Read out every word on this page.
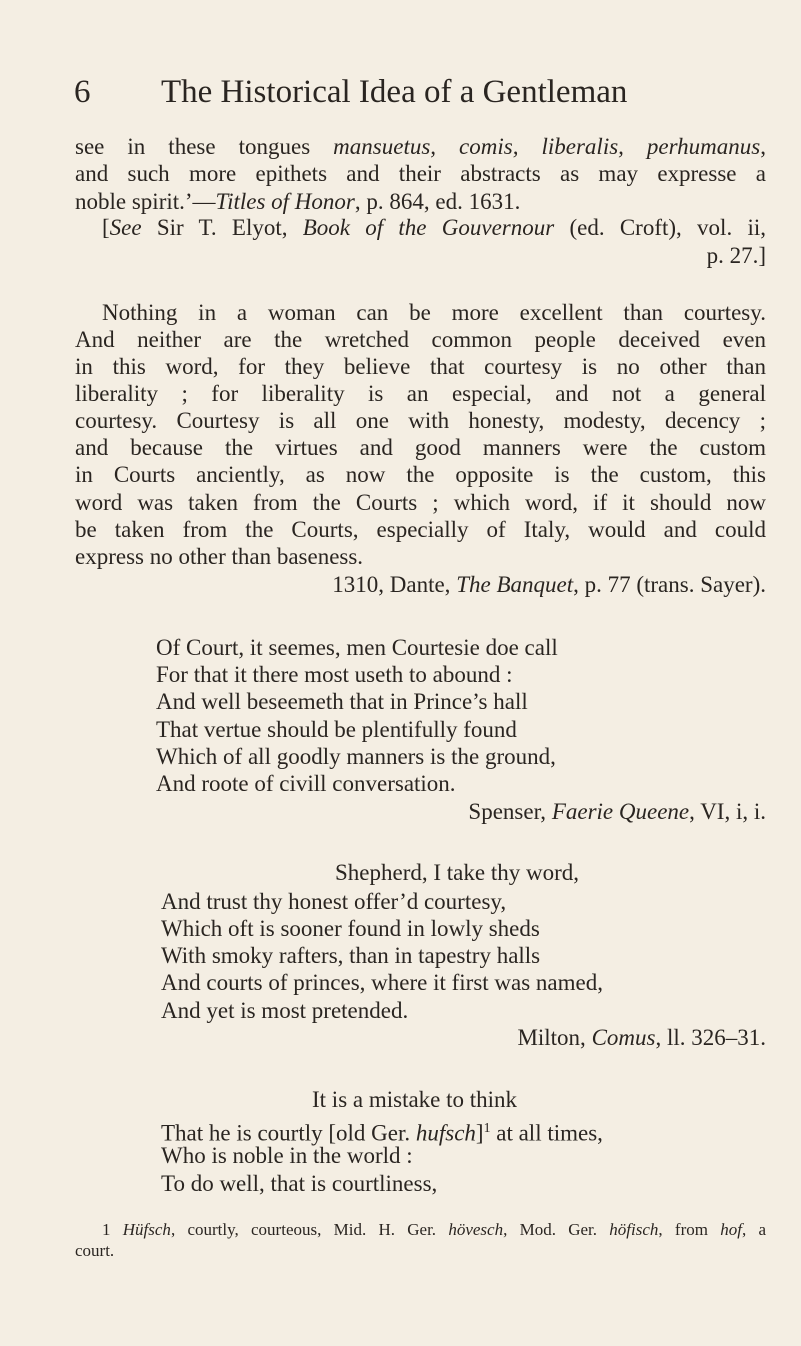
6 The Historical Idea of a Gentleman
see in these tongues mansuetus, comis, liberalis, perhumanus,
and such more epithets and their abstracts as may expresse a
noble spirit.’—Titles of Honor, p. 864, ed. 1631.
[See Sir T. Elyot, Book of the Gouvernour (ed. Croft), vol. ii,
p. 27.]
Nothing in a woman can be more excellent than courtesy.
And neither are the wretched common people deceived even
in this word, for they believe that courtesy is no other than
liberality ; for liberality is an especial, and not a general
courtesy. Courtesy is all one with honesty, modesty, decency ;
and because the virtues and good manners were the custom
in Courts anciently, as now the opposite is the custom, this
word was taken from the Courts ; which word, if it should now
be taken from the Courts, especially of Italy, would and could
express no other than baseness.
1310, Dante, The Banquet, p. 77 (trans. Sayer).
Of Court, it seemes, men Courtesie doe call
For that it there most useth to abound :
And well beseemeth that in Prince’s hall
That vertue should be plentifully found
Which of all goodly manners is the ground,
And roote of civill conversation.
Spenser, Faerie Queene, VI, i, i.
Shepherd, I take thy word,
And trust thy honest offer’d courtesy,
Which oft is sooner found in lowly sheds
With smoky rafters, than in tapestry halls
And courts of princes, where it first was named,
And yet is most pretended.
Milton, Comus, ll. 326–31.
It is a mistake to think
That he is courtly [old Ger. hufsch]$^1$ at all times,
Who is noble in the world :
To do well, that is courtliness,
1 Hüfsch, courtly, courteous, Mid. H. Ger. hövesch, Mod. Ger. höfisch, from hof, a
court.
